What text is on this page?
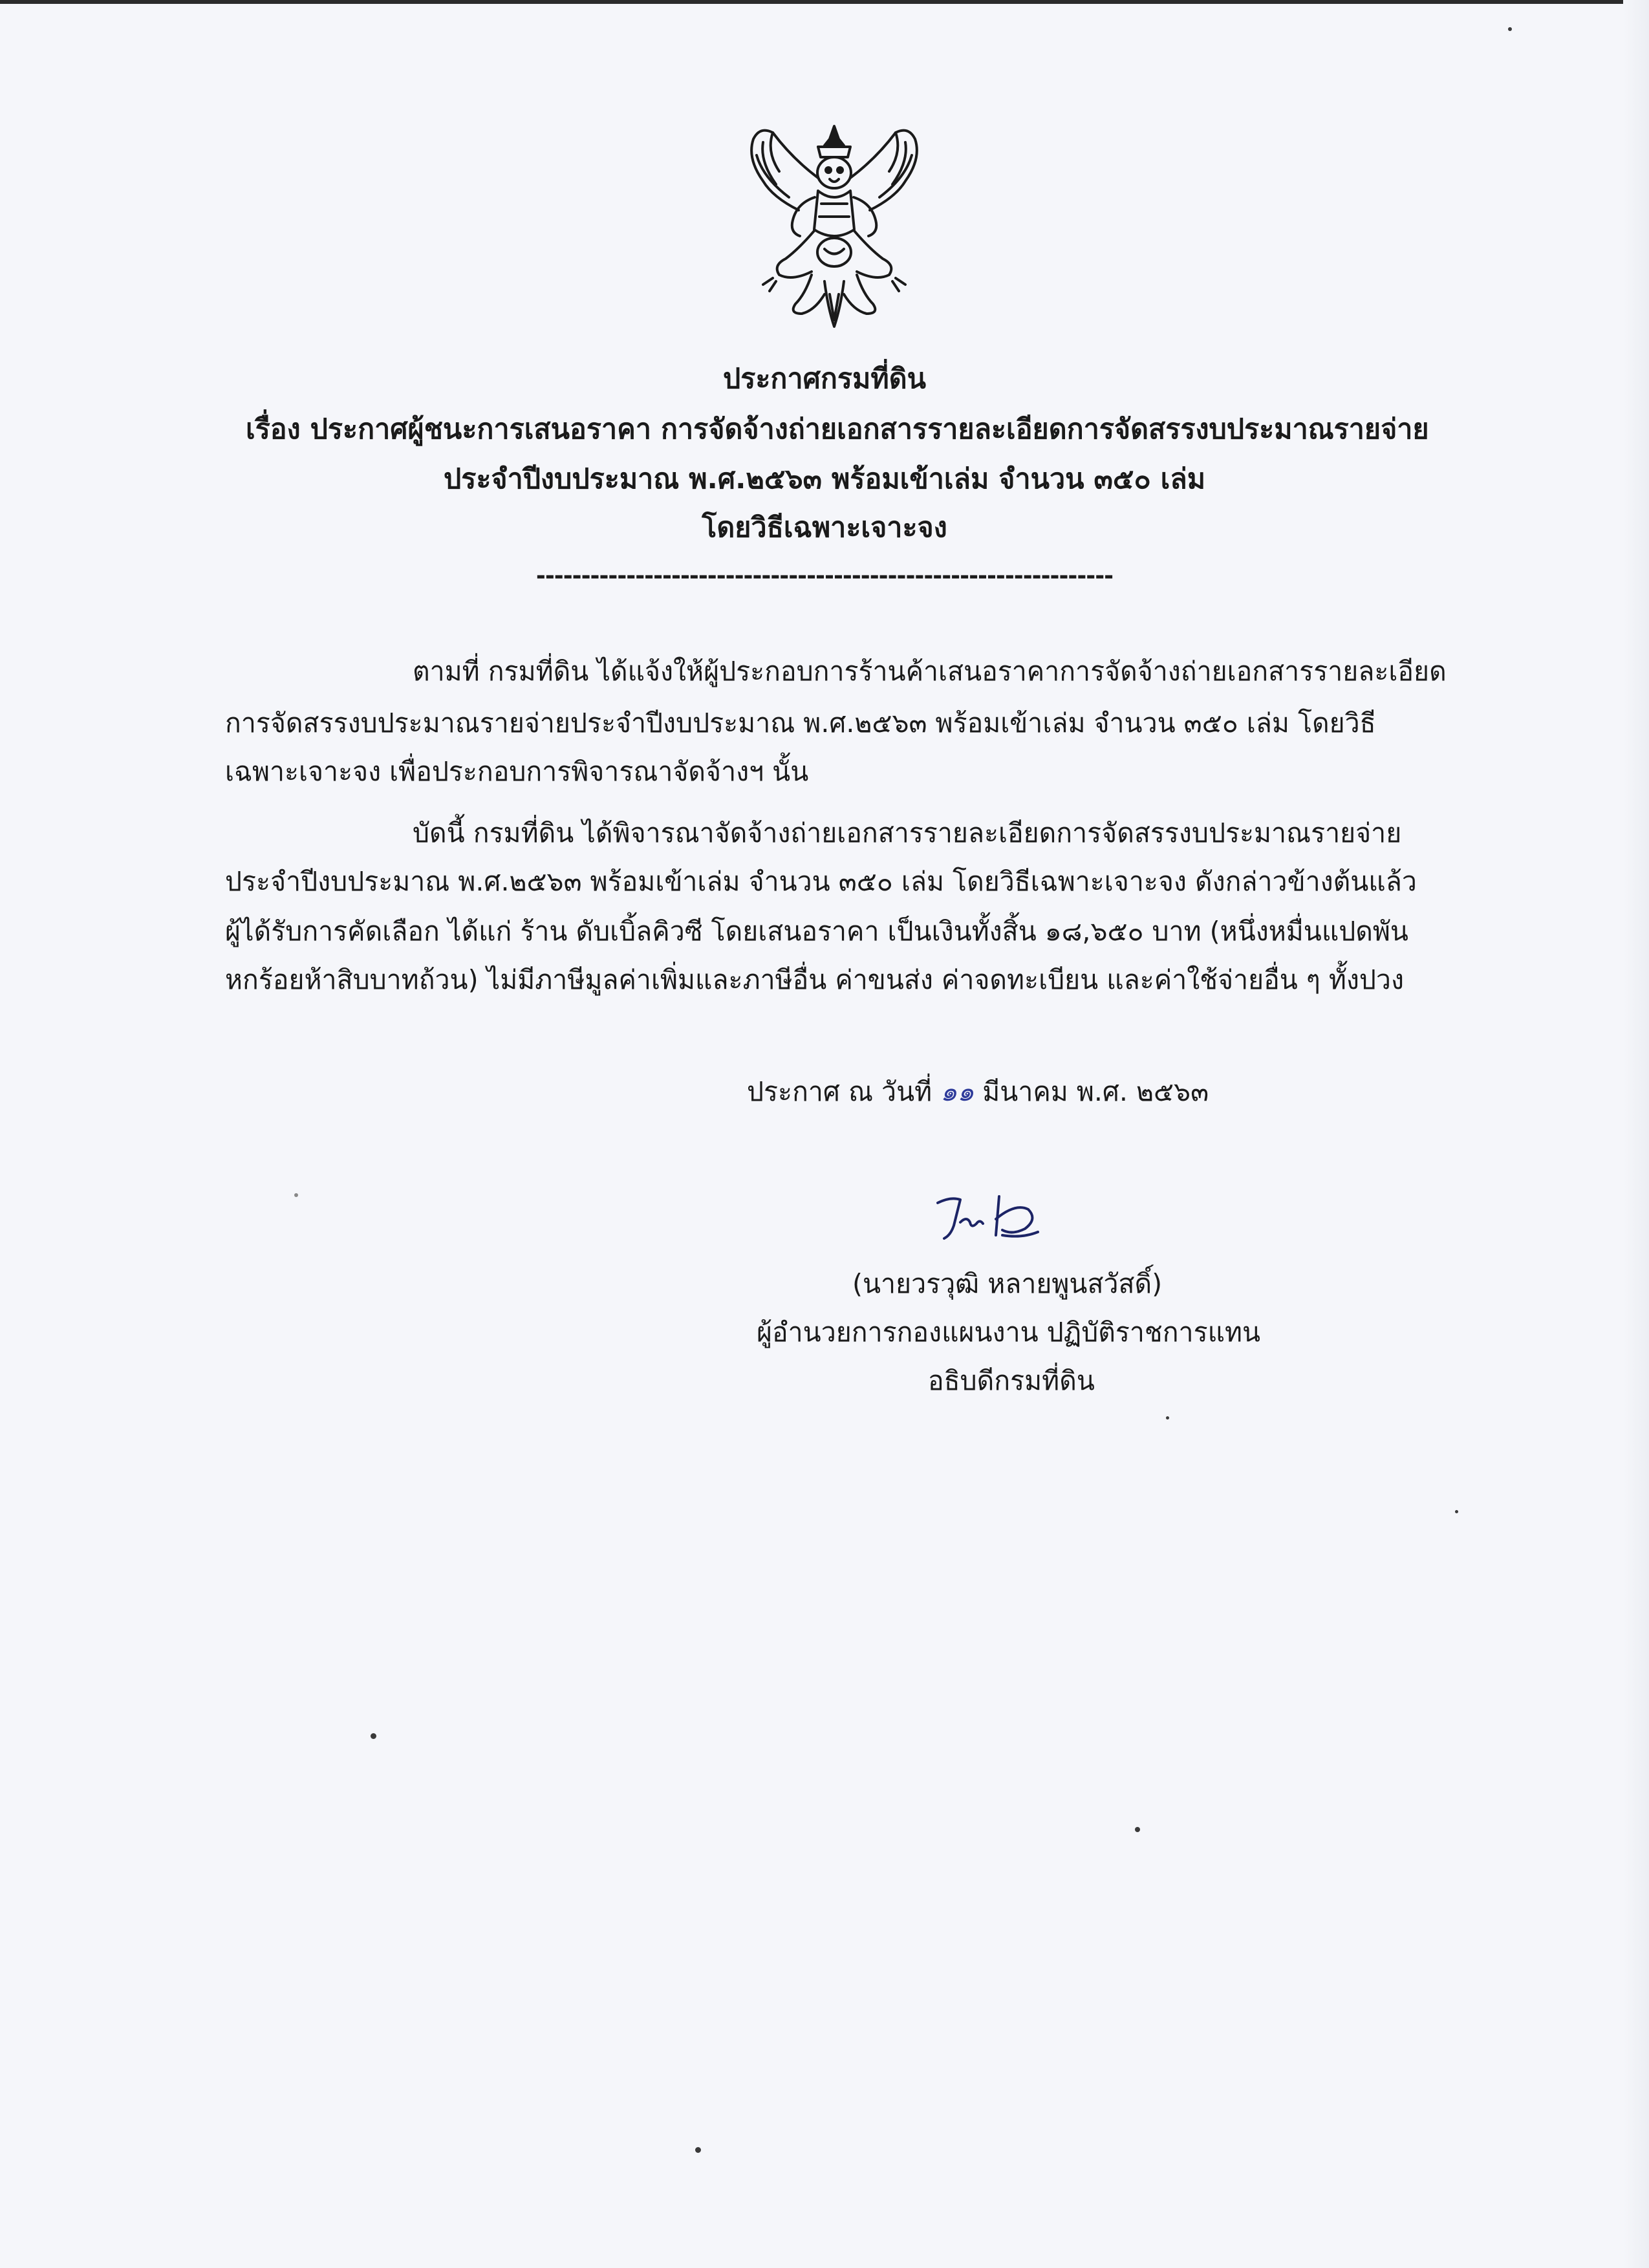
ประกาศกรมที่ดิน
เรื่อง ประกาศผู้ชนะการเสนอราคา การจัดจ้างถ่ายเอกสารรายละเอียดการจัดสรรงบประมาณรายจ่าย
ประจำปีงบประมาณ พ.ศ.๒๕๖๓ พร้อมเข้าเล่ม จำนวน ๓๕๐ เล่ม
โดยวิธีเฉพาะเจาะจง
----------------------------------------------------------------
ตามที่ กรมที่ดิน ได้แจ้งให้ผู้ประกอบการร้านค้าเสนอราคาการจัดจ้างถ่ายเอกสารรายละเอียด
การจัดสรรงบประมาณรายจ่ายประจำปีงบประมาณ พ.ศ.๒๕๖๓ พร้อมเข้าเล่ม จำนวน ๓๕๐ เล่ม โดยวิธี
เฉพาะเจาะจง เพื่อประกอบการพิจารณาจัดจ้างฯ นั้น
บัดนี้ กรมที่ดิน ได้พิจารณาจัดจ้างถ่ายเอกสารรายละเอียดการจัดสรรงบประมาณรายจ่าย
ประจำปีงบประมาณ พ.ศ.๒๕๖๓ พร้อมเข้าเล่ม จำนวน ๓๕๐ เล่ม โดยวิธีเฉพาะเจาะจง ดังกล่าวข้างต้นแล้ว
ผู้ได้รับการคัดเลือก ได้แก่ ร้าน ดับเบิ้ลคิวซี โดยเสนอราคา เป็นเงินทั้งสิ้น ๑๘,๖๕๐ บาท (หนึ่งหมื่นแปดพัน
หกร้อยห้าสิบบาทถ้วน) ไม่มีภาษีมูลค่าเพิ่มและภาษีอื่น ค่าขนส่ง ค่าจดทะเบียน และค่าใช้จ่ายอื่น ๆ ทั้งปวง
ประกาศ ณ วันที่ ๑๑ มีนาคม พ.ศ. ๒๕๖๓
(นายวรวุฒิ หลายพูนสวัสดิ์)
ผู้อำนวยการกองแผนงาน ปฏิบัติราชการแทน
อธิบดีกรมที่ดิน
